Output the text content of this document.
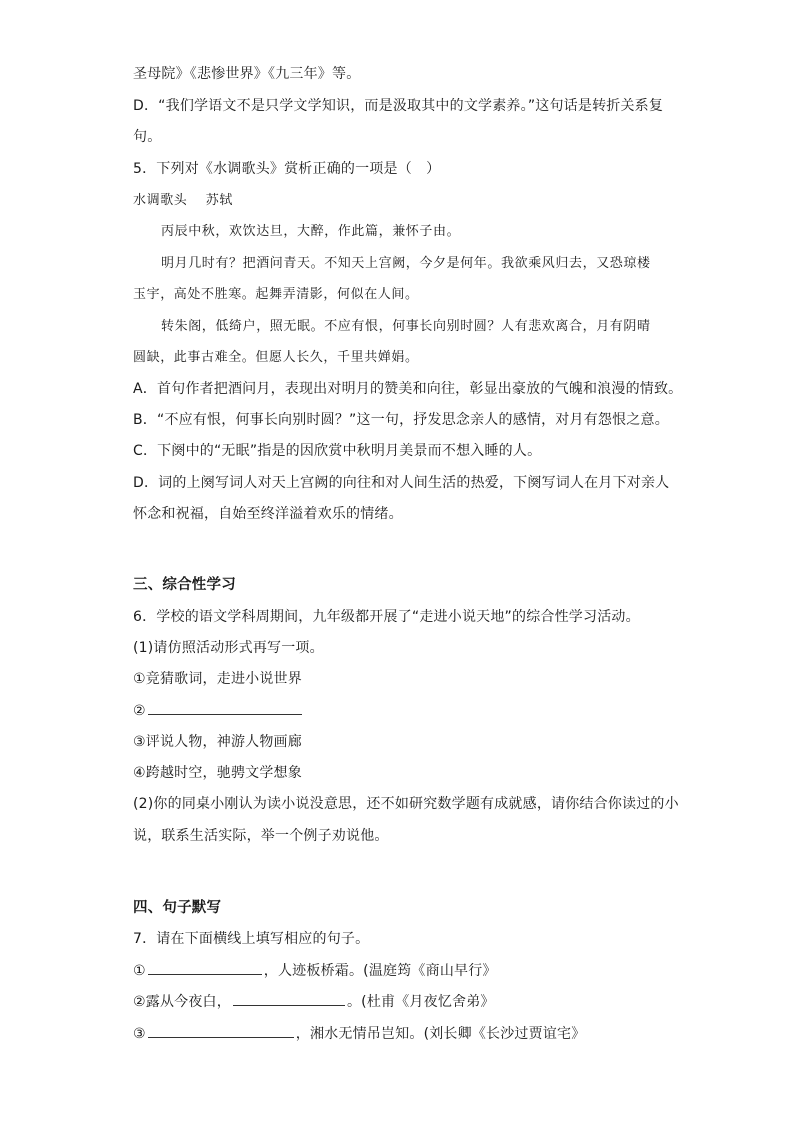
圣母院》《悲惨世界》《九三年》等。
D．“我们学语文不是只学文学知识，而是汲取其中的文学素养。”这句话是转折关系复
句。
5．下列对《水调歌头》赏析正确的一项是（　）
水调歌头　 苏轼
丙辰中秋，欢饮达旦，大醉，作此篇，兼怀子由。
明月几时有？把酒问青天。不知天上宫阙，今夕是何年。我欲乘风归去，又恐琼楼
玉宇，高处不胜寒。起舞弄清影，何似在人间。
转朱阁，低绮户，照无眠。不应有恨，何事长向别时圆？人有悲欢离合，月有阴晴
圆缺，此事古难全。但愿人长久，千里共婵娟。
A．首句作者把酒问月，表现出对明月的赞美和向往，彰显出豪放的气魄和浪漫的情致。
B．“不应有恨，何事长向别时圆？”这一句，抒发思念亲人的感情，对月有怨恨之意。
C．下阕中的“无眠”指是的因欣赏中秋明月美景而不想入睡的人。
D．词的上阕写词人对天上宫阙的向往和对人间生活的热爱，下阕写词人在月下对亲人
怀念和祝福，自始至终洋溢着欢乐的情绪。
三、综合性学习
6．学校的语文学科周期间，九年级都开展了“走进小说天地”的综合性学习活动。
(1)请仿照活动形式再写一项。
①竞猜歌词，走进小说世界
②
③评说人物，神游人物画廊
④跨越时空，驰骋文学想象
(2)你的同桌小刚认为读小说没意思，还不如研究数学题有成就感，请你结合你读过的小
说，联系生活实际，举一个例子劝说他。
四、句子默写
7．请在下面横线上填写相应的句子。
①	，人迹板桥霜。(温庭筠《商山早行》
②露从今夜白，	。(杜甫《月夜忆舍弟》
③	，湘水无情吊岂知。(刘长卿《长沙过贾谊宅》
